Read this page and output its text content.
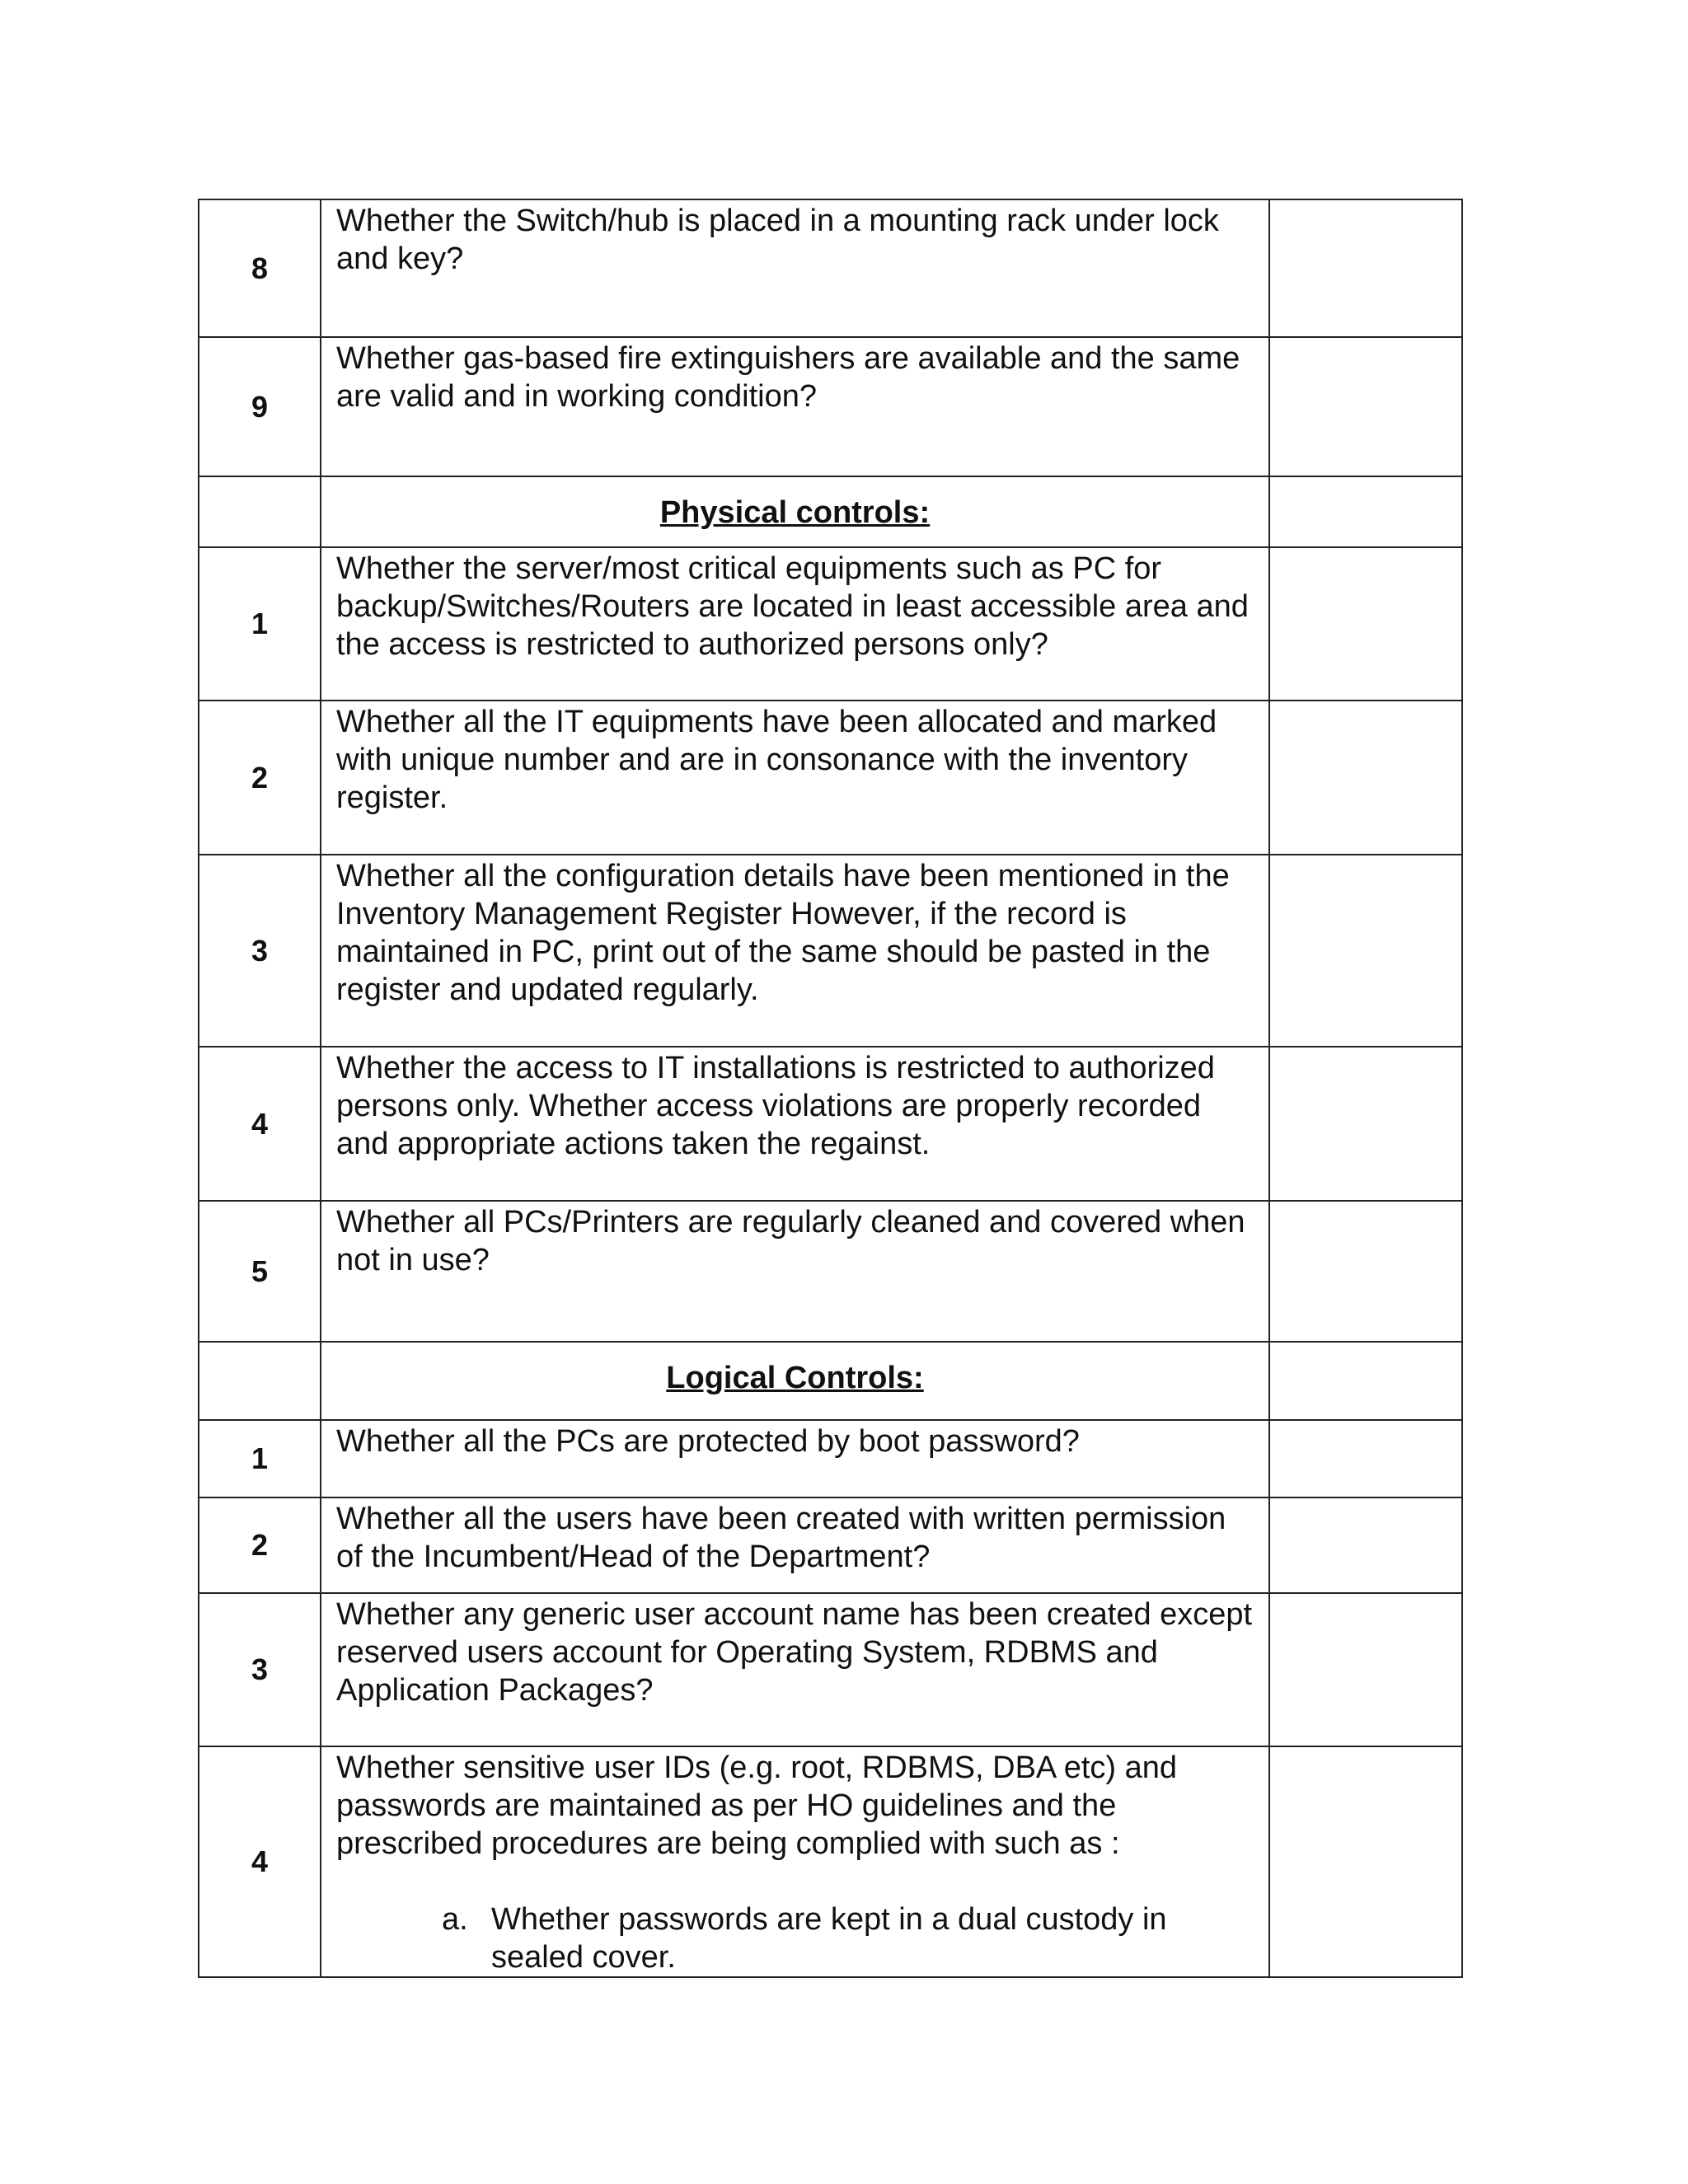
8	Whether the Switch/hub is placed in a mounting rack under lock and key?	
9	Whether gas-based fire extinguishers are available and the same are valid and in working condition?	
	Physical controls:	
1	Whether the server/most critical equipments such as PC for backup/Switches/Routers are located in least accessible area and the access is restricted to authorized persons only?	
2	Whether all the IT equipments have been allocated and marked with unique number and are in consonance with the inventory register.	
3	Whether all the configuration details have been mentioned in the Inventory Management Register However, if the record is maintained in PC, print out of the same should be pasted in the register and updated regularly.	
4	Whether the access to IT installations is restricted to authorized persons only. Whether access violations are properly recorded and appropriate actions taken the regainst.	
5	Whether all PCs/Printers are regularly cleaned and covered when not in use?	
	Logical Controls:	
1	Whether all the PCs are protected by boot password?	
2	Whether all the users have been created with written permission of the Incumbent/Head of the Department?	
3	Whether any generic user account name has been created except reserved users account for Operating System, RDBMS and Application Packages?	
4	Whether sensitive user IDs (e.g. root, RDBMS, DBA etc) and passwords are maintained as per HO guidelines and the prescribed procedures are being complied with such as :
a. Whether passwords are kept in a dual custody in sealed cover.	
